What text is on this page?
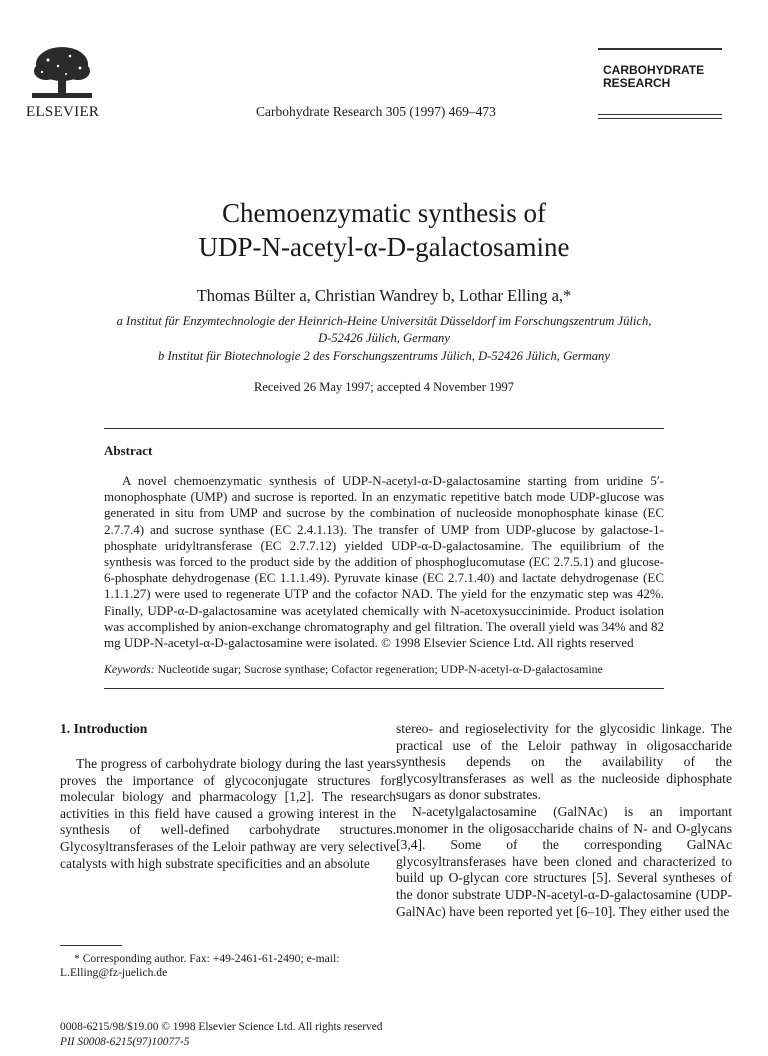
ELSEVIER	Carbohydrate Research 305 (1997) 469–473
CARBOHYDRATE
RESEARCH
Chemoenzymatic synthesis of
UDP-N-acetyl-α-D-galactosamine
Thomas Bülter a, Christian Wandrey b, Lothar Elling a,*
a Institut für Enzymtechnologie der Heinrich-Heine Universität Düsseldorf im Forschungszentrum Jülich,
D-52426 Jülich, Germany
b Institut für Biotechnologie 2 des Forschungszentrums Jülich, D-52426 Jülich, Germany
Received 26 May 1997; accepted 4 November 1997
Abstract

A novel chemoenzymatic synthesis of UDP-N-acetyl-α-D-galactosamine starting from uridine 5′-monophosphate (UMP) and sucrose is reported. In an enzymatic repetitive batch mode UDP-glucose was generated in situ from UMP and sucrose by the combination of nucleoside monophosphate kinase (EC 2.7.7.4) and sucrose synthase (EC 2.4.1.13). The transfer of UMP from UDP-glucose by galactose-1-phosphate uridyltransferase (EC 2.7.7.12) yielded UDP-α-D-galactosamine. The equilibrium of the synthesis was forced to the product side by the addition of phosphoglucomutase (EC 2.7.5.1) and glucose-6-phosphate dehydrogenase (EC 1.1.1.49). Pyruvate kinase (EC 2.7.1.40) and lactate dehydrogenase (EC 1.1.1.27) were used to regenerate UTP and the cofactor NAD. The yield for the enzymatic step was 42%. Finally, UDP-α-D-galactosamine was acetylated chemically with N-acetoxysuccinimide. Product isolation was accomplished by anion-exchange chromatography and gel filtration. The overall yield was 34% and 82 mg UDP-N-acetyl-α-D-galactosamine were isolated. © 1998 Elsevier Science Ltd. All rights reserved

Keywords: Nucleotide sugar; Sucrose synthase; Cofactor regeneration; UDP-N-acetyl-α-D-galactosamine
1. Introduction

The progress of carbohydrate biology during the last years proves the importance of glycoconjugate structures for molecular biology and pharmacology [1,2]. The research activities in this field have caused a growing interest in the synthesis of well-defined carbohydrate structures. Glycosyltransferases of the Leloir pathway are very selective catalysts with high substrate specificities and an absolute

stereo- and regioselectivity for the glycosidic linkage. The practical use of the Leloir pathway in oligosaccharide synthesis depends on the availability of the glycosyltransferases as well as the nucleoside diphosphate sugars as donor substrates.

N-acetylgalactosamine (GalNAc) is an important monomer in the oligosaccharide chains of N- and O-glycans [3,4]. Some of the corresponding GalNAc glycosyltransferases have been cloned and characterized to build up O-glycan core structures [5]. Several syntheses of the donor substrate UDP-N-acetyl-α-D-galactosamine (UDP-GalNAc) have been reported yet [6–10]. They either used the

* Corresponding author. Fax: +49-2461-61-2490; e-mail: L.Elling@fz-juelich.de

0008-6215/98/$19.00 © 1998 Elsevier Science Ltd. All rights reserved
PII S0008-6215(97)10077-5
